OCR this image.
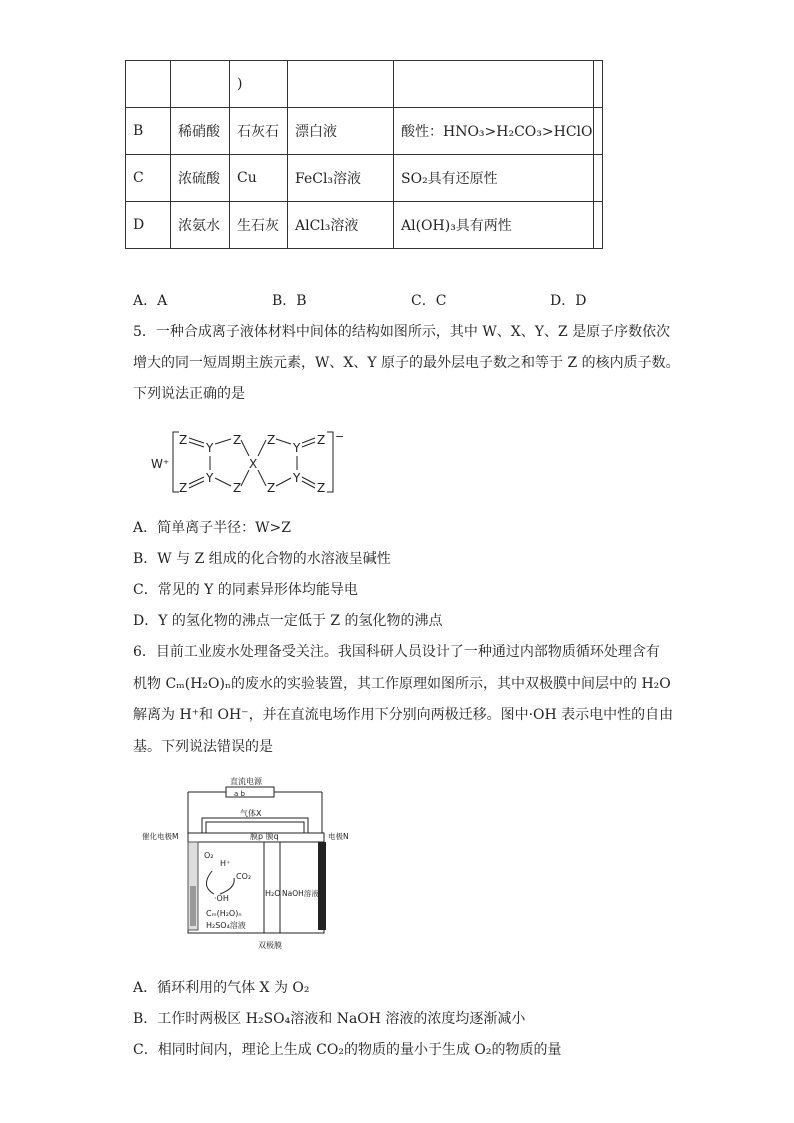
		)			
B	稀硝酸	石灰石	漂白液	酸性：HNO₃>H₂CO₃>HClO	
C	浓硫酸	Cu	FeCl₃溶液	SO₂具有还原性	
D	浓氨水	生石灰	AlCl₃溶液	Al(OH)₃具有两性	
A．A	B．B	C．C	D．D
5．一种合成离子液体材料中间体的结构如图所示，其中 W、X、Y、Z 是原子序数依次
增大的同一短周期主族元素，W、X、Y 原子的最外层电子数之和等于 Z 的核内质子数。
下列说法正确的是
W⁺
−
Z
Y
Z
Y
Z	Z
X
Z
Y
Z
Y
Z	Z
A．简单离子半径：W>Z
B．W 与 Z 组成的化合物的水溶液呈碱性
C．常见的 Y 的同素异形体均能导电
D．Y 的氢化物的沸点一定低于 Z 的氢化物的沸点
6．目前工业废水处理备受关注。我国科研人员设计了一种通过内部物质循环处理含有
机物 Cₘ(H₂O)ₙ的废水的实验装置，其工作原理如图所示，其中双极膜中间层中的 H₂O
解离为 H⁺和 OH⁻，并在直流电场作用下分别向两极迁移。图中·OH 表示电中性的自由
基。下列说法错误的是
直流电源
a b
气体X
膜p 膜q
催化电极M	电极N
O₂
H⁺
·OH
CO₂
Cₘ(H₂O)ₙ
H₂SO₄溶液
H₂O NaOH溶液
双极膜
A．循环利用的气体 X 为 O₂
B．工作时两极区 H₂SO₄溶液和 NaOH 溶液的浓度均逐渐减小
C．相同时间内，理论上生成 CO₂的物质的量小于生成 O₂的物质的量
